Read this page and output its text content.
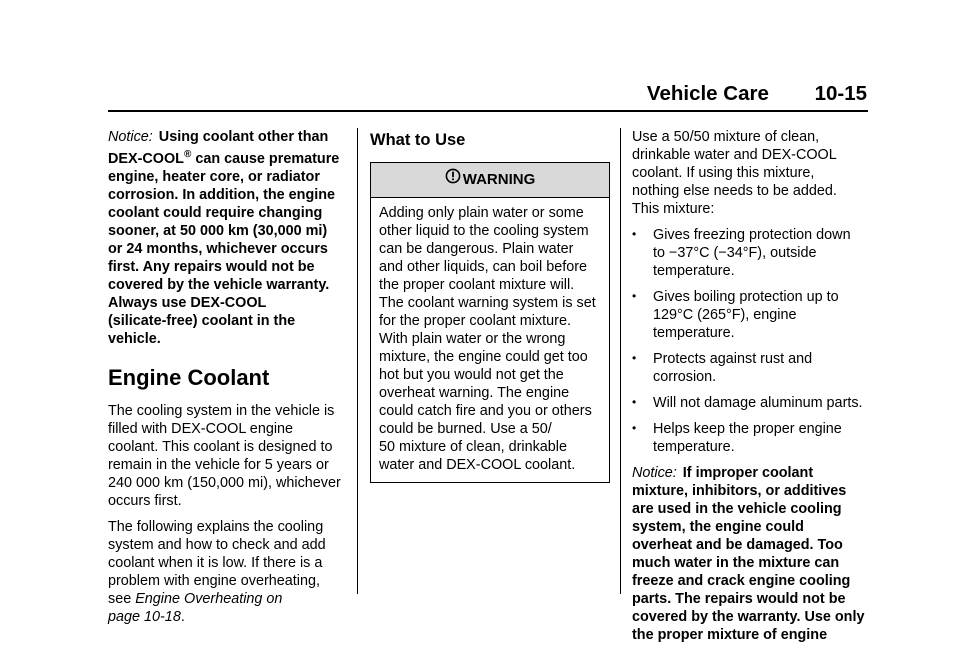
Vehicle Care 10-15

Notice: Using coolant other than
DEX-COOL® can cause premature
engine, heater core, or radiator
corrosion. In addition, the engine
coolant could require changing
sooner, at 50 000 km (30,000 mi)
or 24 months, whichever occurs
first. Any repairs would not be
covered by the vehicle warranty.
Always use DEX-COOL
(silicate-free) coolant in the
vehicle.

Engine Coolant

The cooling system in the vehicle is
filled with DEX-COOL engine
coolant. This coolant is designed to
remain in the vehicle for 5 years or
240 000 km (150,000 mi), whichever
occurs first.

The following explains the cooling
system and how to check and add
coolant when it is low. If there is a
problem with engine overheating,
see Engine Overheating on
page 10-18.

What to Use
WARNING
Adding only plain water or some
other liquid to the cooling system
can be dangerous. Plain water
and other liquids, can boil before
the proper coolant mixture will.
The coolant warning system is set
for the proper coolant mixture.
With plain water or the wrong
mixture, the engine could get too
hot but you would not get the
overheat warning. The engine
could catch fire and you or others
could be burned. Use a 50/
50 mixture of clean, drinkable
water and DEX-COOL coolant.

Use a 50/50 mixture of clean,
drinkable water and DEX-COOL
coolant. If using this mixture,
nothing else needs to be added.
This mixture:

• Gives freezing protection down
to −37°C (−34°F), outside
temperature.
• Gives boiling protection up to
129°C (265°F), engine
temperature.
• Protects against rust and
corrosion.
• Will not damage aluminum parts.
• Helps keep the proper engine
temperature.

Notice: If improper coolant
mixture, inhibitors, or additives
are used in the vehicle cooling
system, the engine could
overheat and be damaged. Too
much water in the mixture can
freeze and crack engine cooling
parts. The repairs would not be
covered by the warranty. Use only
the proper mixture of engine
